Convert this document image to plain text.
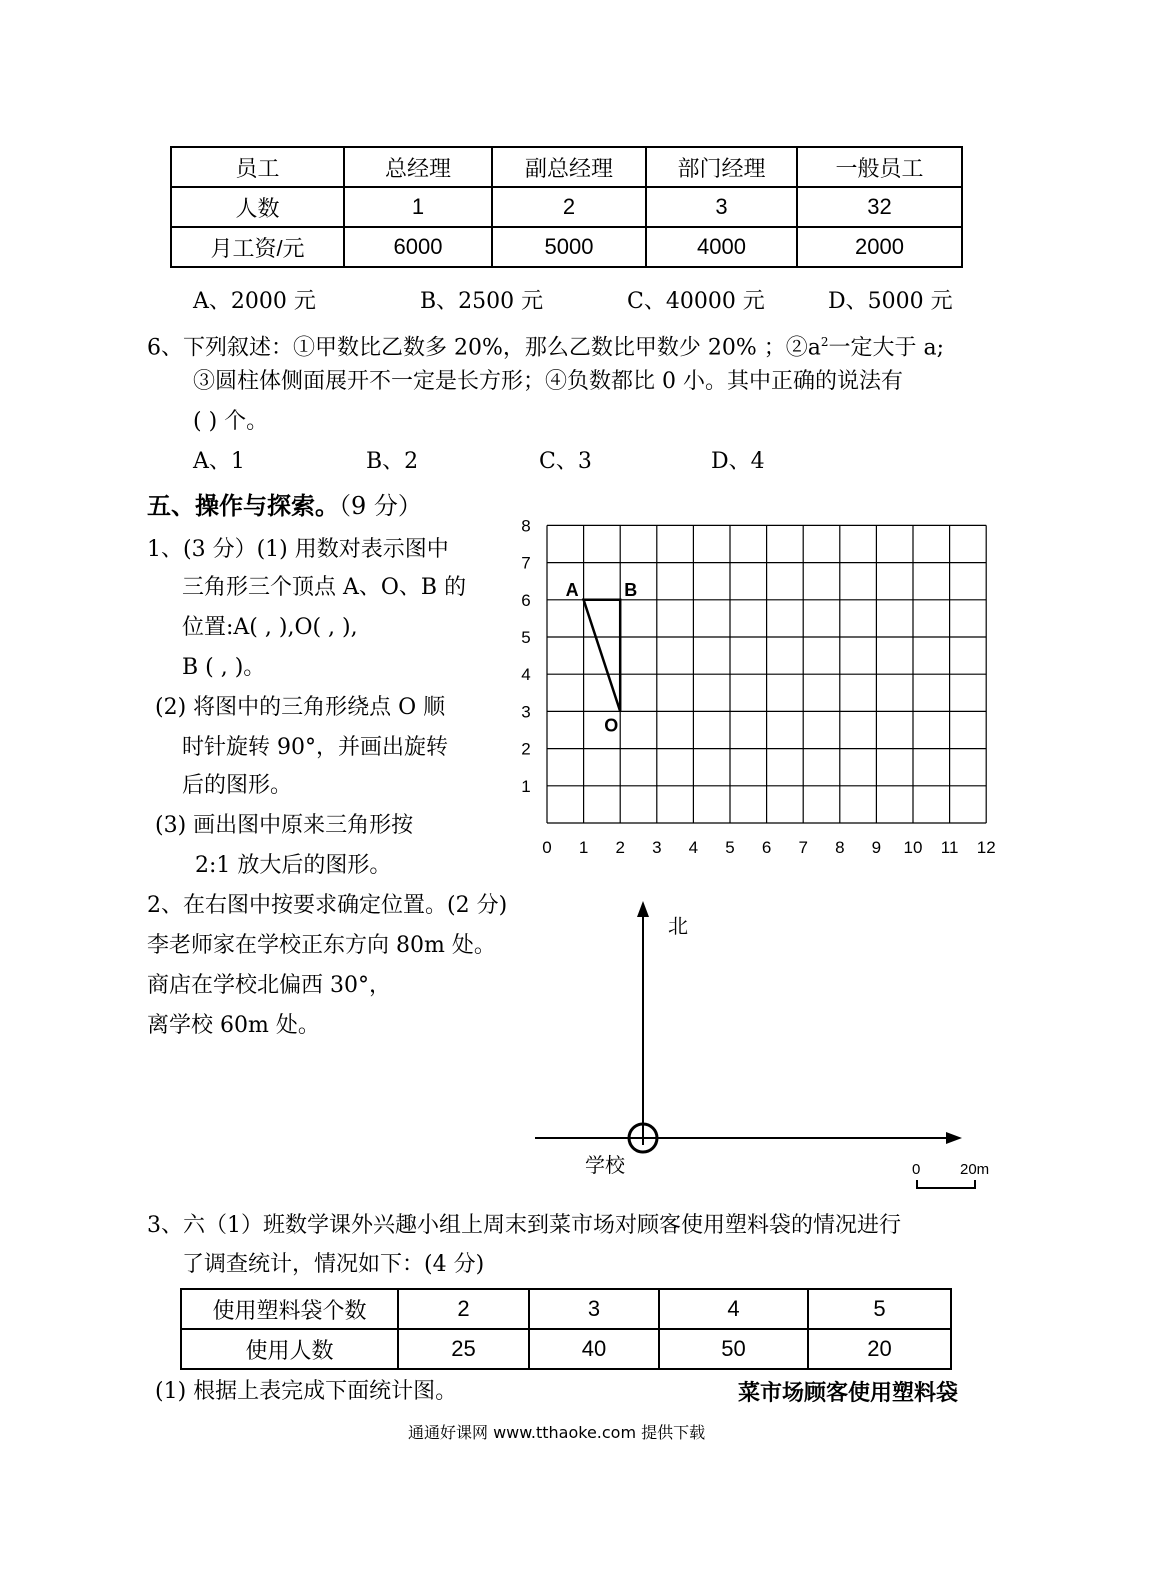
员工	总经理	副总经理	部门经理	一般员工
人数	1	2	3	32
月工资/元	6000	5000	4000	2000
A、2000 元	B、2500 元	C、40000 元	D、5000 元
6、下列叙述：①甲数比乙数多 20%，那么乙数比甲数少 20% ；$②a^2$一定大于 a;
③圆柱体侧面展开不一定是长方形；④负数都比 0 小。其中正确的说法有
( ) 个。
A、1	B、2	C、3	D、4
五、操作与探索。（9 分）
1、(3 分）(1) 用数对表示图中
三角形三个顶点 A、O、B 的
位置:A( , ),O( , ),
B ( , )。
(2) 将图中的三角形绕点 O 顺
时针旋转 90°，并画出旋转
后的图形。
(3) 画出图中原来三角形按
2:1 放大后的图形。
0 1 2 3 4 5 6 7 8 9 10 11 12
1
2
3
4
5
6
7
8
A	B
O
2、在右图中按要求确定位置。(2 分)
李老师家在学校正东方向 80m 处。
商店在学校北偏西 30°，
离学校 60m 处。
北
学校	0	20m
3、六（1）班数学课外兴趣小组上周末到菜市场对顾客使用塑料袋的情况进行
了调查统计，情况如下：(4 分)
使用塑料袋个数	2	3	4	5
使用人数	25	40	50	20
(1) 根据上表完成下面统计图。	菜市场顾客使用塑料袋
通通好课网 www.tthaoke.com 提供下载
